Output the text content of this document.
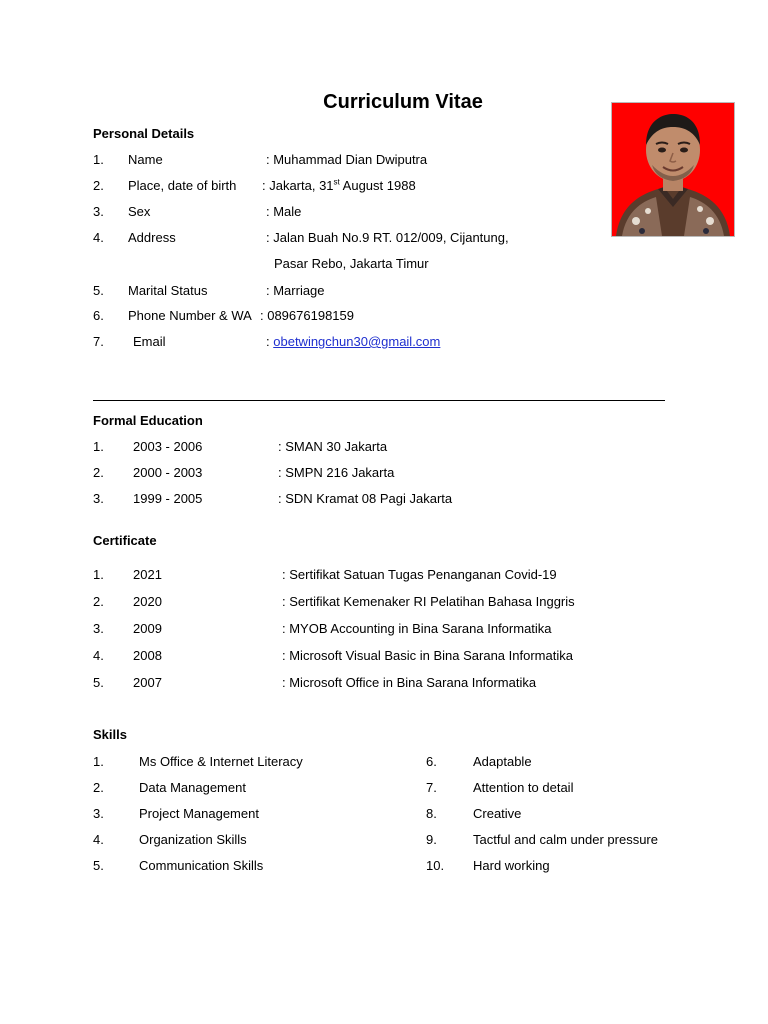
Curriculum Vitae
Personal Details
1. Name	: Muhammad Dian Dwiputra
2. Place, date of birth : Jakarta, 31st August 1988
3. Sex	: Male
4. Address	: Jalan Buah No.9 RT. 012/009, Cijantung,
Pasar Rebo, Jakarta Timur
5. Marital Status	: Marriage
6. Phone Number & WA : 089676198159
7. Email	: obetwingchun30@gmail.com
Formal Education
1. 2003 - 2006	: SMAN 30 Jakarta
2. 2000 - 2003	: SMPN 216 Jakarta
3. 1999 - 2005	: SDN Kramat 08 Pagi Jakarta
Certificate
1. 2021	: Sertifikat Satuan Tugas Penanganan Covid-19
2. 2020	: Sertifikat Kemenaker RI Pelatihan Bahasa Inggris
3. 2009	: MYOB Accounting in Bina Sarana Informatika
4. 2008	: Microsoft Visual Basic in Bina Sarana Informatika
5. 2007	: Microsoft Office in Bina Sarana Informatika
Skills
1.	Ms Office & Internet Literacy	6.	Adaptable
2.	Data Management	7.	Attention to detail
3.	Project Management	8.	Creative
4.	Organization Skills	9.	Tactful and calm under pressure
5.	Communication Skills	10. Hard working
